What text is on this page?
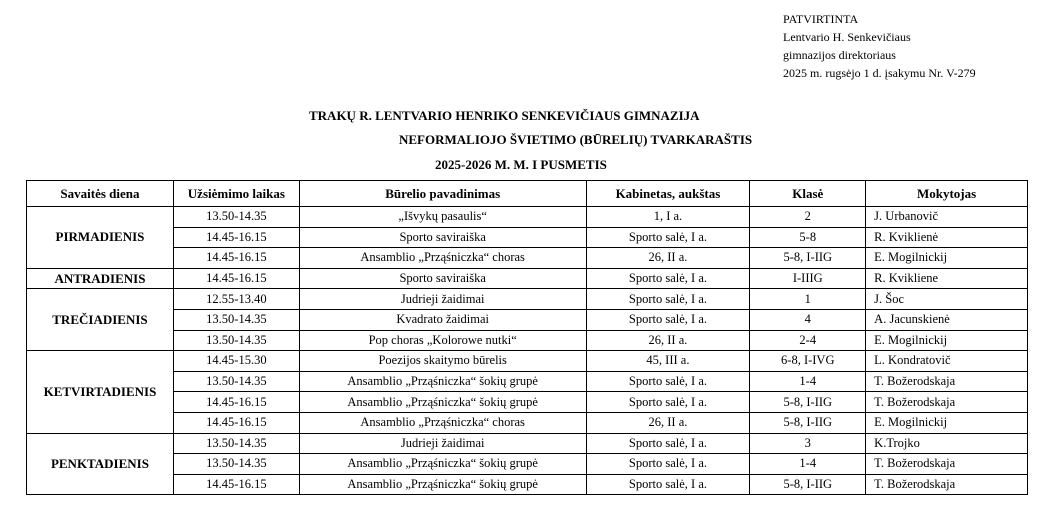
PATVIRTINTA
Lentvario H. Senkevičiaus
gimnazijos direktoriaus
2025 m. rugsėjo 1 d. įsakymu Nr. V-279
TRAKŲ R. LENTVARIO HENRIKO SENKEVIČIAUS GIMNAZIJA
NEFORMALIOJO ŠVIETIMO (BŪRELIŲ) TVARKARAŠTIS
2025-2026 M. M. I PUSMETIS
Savaitės diena	Užsiėmimo laikas	Būrelio pavadinimas	Kabinetas, aukštas	Klasė	Mokytojas
PIRMADIENIS	13.50-14.35	„Išvykų pasaulis“	1, I a.	2	J. Urbanovič
	14.45-16.15	Sporto saviraiška	Sporto salė, I a.	5-8	R. Kviklienė
	14.45-16.15	Ansamblio „Prząśniczka“ choras	26, II a.	5-8, I-IIG	E. Mogilnickij
ANTRADIENIS	14.45-16.15	Sporto saviraiška	Sporto salė, I a.	I-IIIG	R. Kvikliene
TREČIADIENIS	12.55-13.40	Judrieji žaidimai	Sporto salė, I a.	1	J. Šoc
	13.50-14.35	Kvadrato žaidimai	Sporto salė, I a.	4	A. Jacunskienė
	13.50-14.35	Pop choras „Kolorowe nutki“	26, II a.	2-4	E. Mogilnickij
KETVIRTADIENIS	14.45-15.30	Poezijos skaitymo būrelis	45, III a.	6-8, I-IVG	L. Kondratovič
	13.50-14.35	Ansamblio „Prząśniczka“ šokių grupė	Sporto salė, I a.	1-4	T. Božerodskaja
	14.45-16.15	Ansamblio „Prząśniczka“ šokių grupė	Sporto salė, I a.	5-8, I-IIG	T. Božerodskaja
	14.45-16.15	Ansamblio „Prząśniczka“ choras	26, II a.	5-8, I-IIG	E. Mogilnickij
PENKTADIENIS	13.50-14.35	Judrieji žaidimai	Sporto salė, I a.	3	K.Trojko
	13.50-14.35	Ansamblio „Prząśniczka“ šokių grupė	Sporto salė, I a.	1-4	T. Božerodskaja
	14.45-16.15	Ansamblio „Prząśniczka“ šokių grupė	Sporto salė, I a.	5-8, I-IIG	T. Božerodskaja
